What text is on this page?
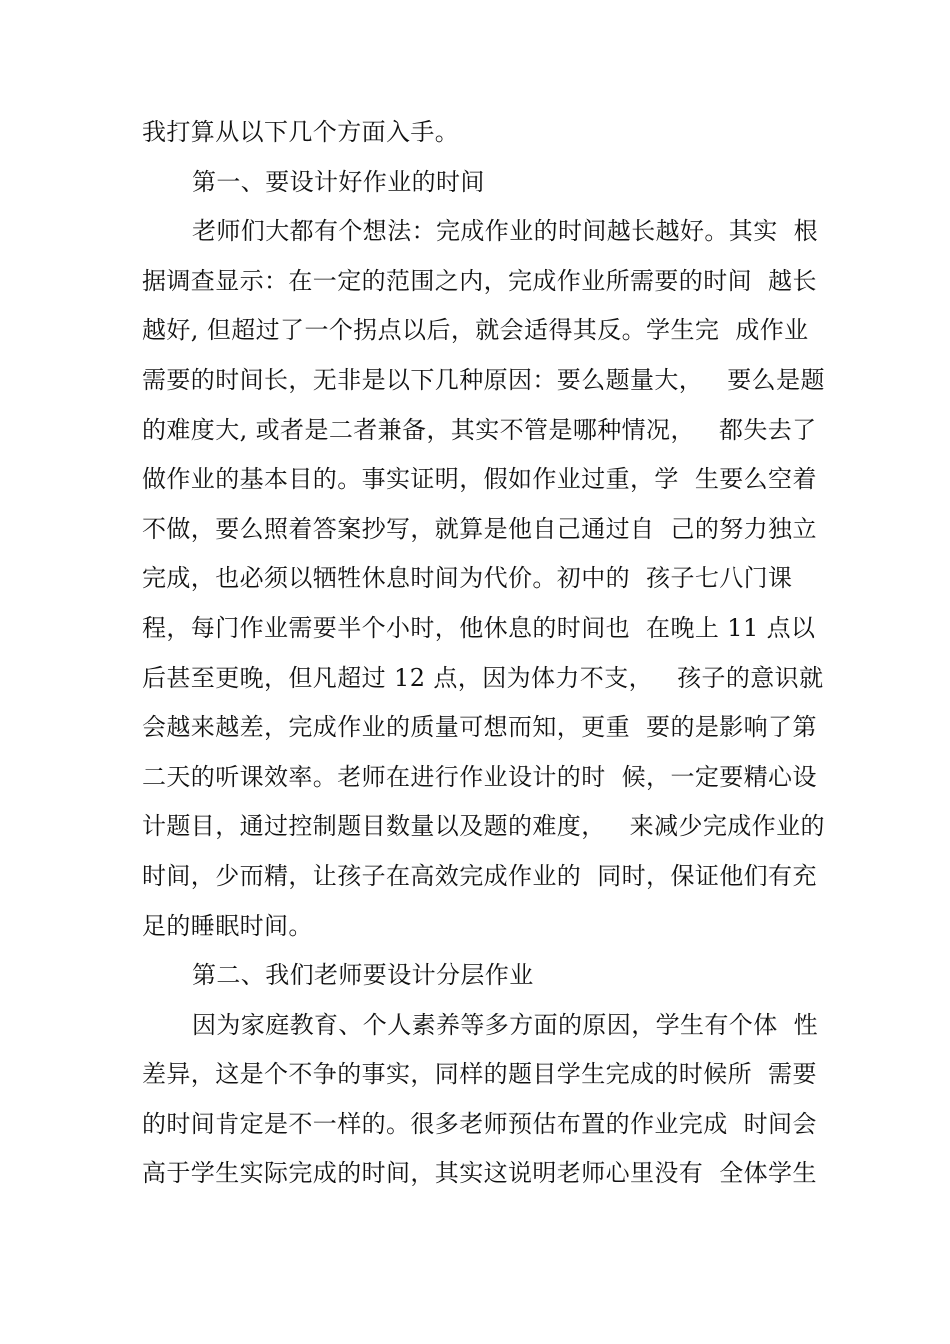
我打算从以下几个方面入手。
第一、要设计好作业的时间
老师们大都有个想法：完成作业的时间越长越好。其实  根
据调查显示：在一定的范围之内，完成作业所需要的时间  越长
越好, 但超过了一个拐点以后，就会适得其反。学生完  成作业
需要的时间长，无非是以下几种原因：要么题量大，   要么是题
的难度大, 或者是二者兼备，其实不管是哪种情况，   都失去了
做作业的基本目的。事实证明，假如作业过重，学  生要么空着
不做，要么照着答案抄写，就算是他自己通过自  己的努力独立
完成，也必须以牺牲休息时间为代价。初中的  孩子七八门课
程，每门作业需要半个小时，他休息的时间也  在晚上 11 点以
后甚至更晚，但凡超过 12 点，因为体力不支，   孩子的意识就
会越来越差，完成作业的质量可想而知，更重  要的是影响了第
二天的听课效率。老师在进行作业设计的时  候，一定要精心设
计题目，通过控制题目数量以及题的难度，   来减少完成作业的
时间，少而精，让孩子在高效完成作业的  同时，保证他们有充
足的睡眠时间。
第二、我们老师要设计分层作业
因为家庭教育、个人素养等多方面的原因，学生有个体  性
差异，这是个不争的事实，同样的题目学生完成的时候所  需要
的时间肯定是不一样的。很多老师预估布置的作业完成  时间会
高于学生实际完成的时间，其实这说明老师心里没有  全体学生
